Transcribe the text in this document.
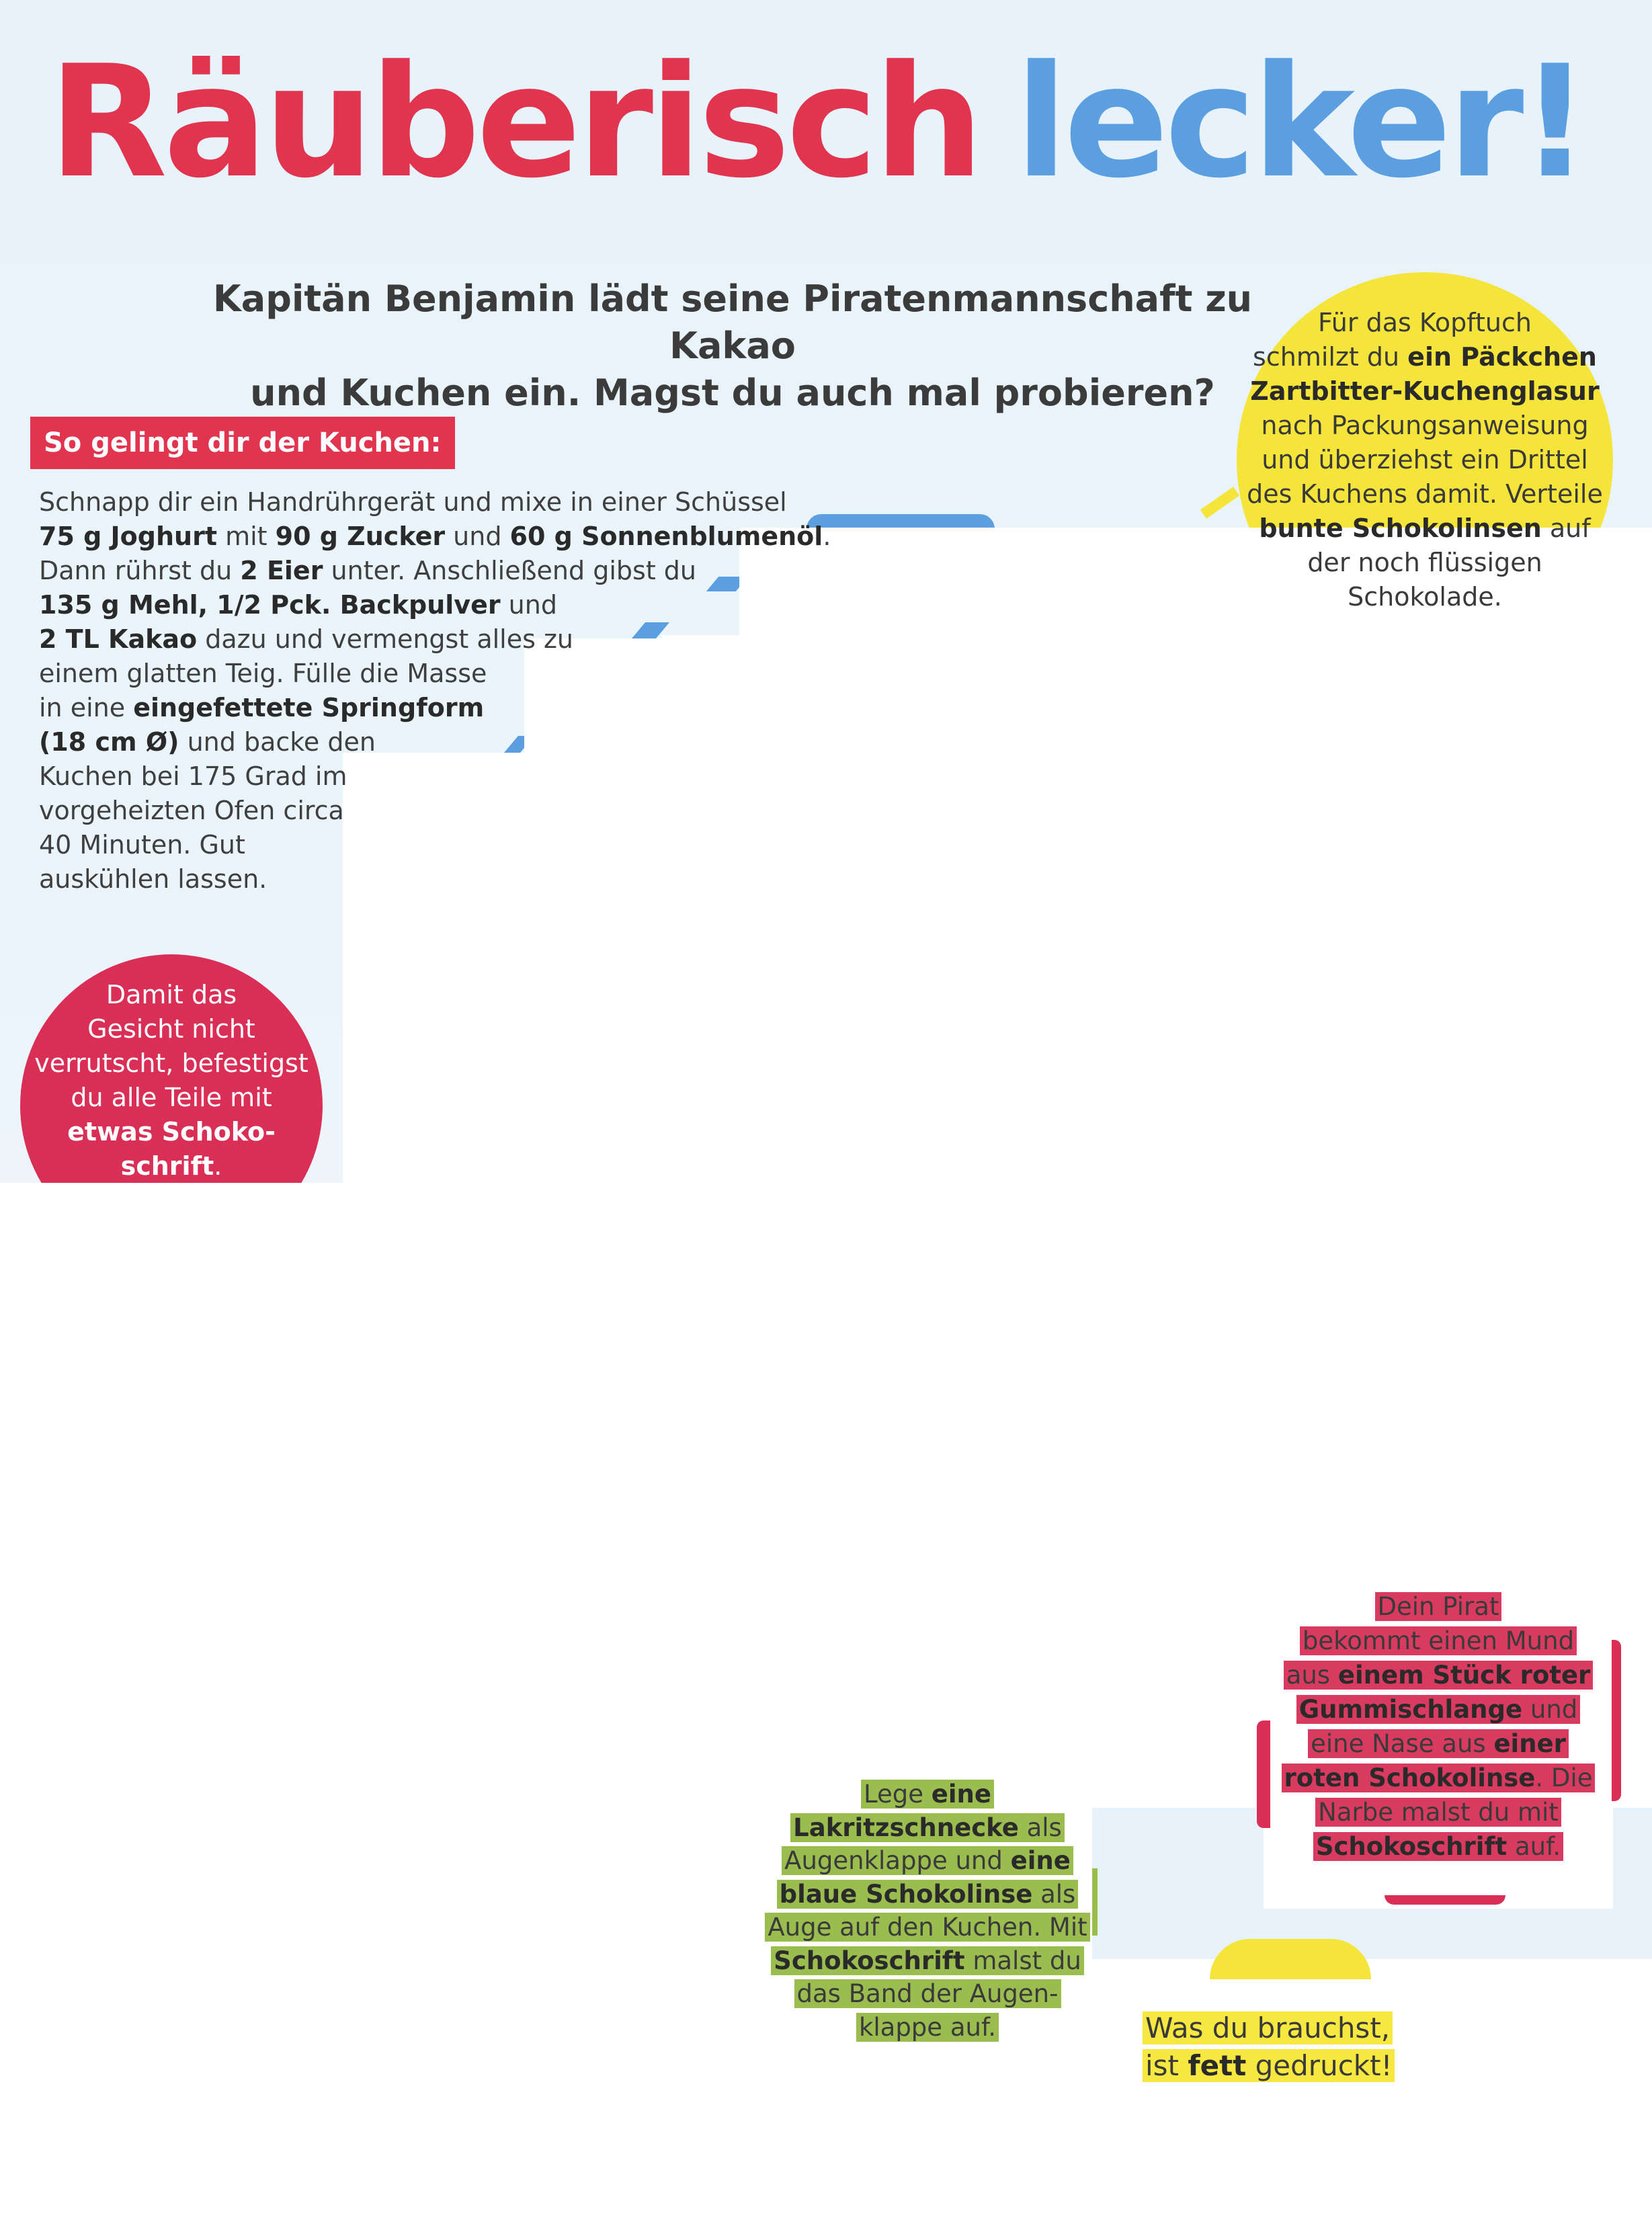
Räuberisch lecker!
Kapitän Benjamin lädt seine Piratenmannschaft zu Kakao
und Kuchen ein. Magst du auch mal probieren?
So gelingt dir der Kuchen:
Schnapp dir ein Handrührgerät und mixe in einer Schüssel
75 g Joghurt mit 90 g Zucker und 60 g Sonnenblumenöl.
Dann rührst du 2 Eier unter. Anschließend gibst du
135 g Mehl, 1/2 Pck. Backpulver und
2 TL Kakao dazu und vermengst alles zu
einem glatten Teig. Fülle die Masse
in eine eingefettete Springform
(18 cm Ø) und backe den
Kuchen bei 175 Grad im
vorgeheizten Ofen circa
40 Minuten. Gut
auskühlen lassen.
Für das Kopftuch
schmilzt du ein Päckchen
Zartbitter-Kuchenglasur
nach Packungsanweisung
und überziehst ein Drittel
des Kuchens damit. Verteile
bunte Schokolinsen auf
der noch flüssigen
Schokolade.
Damit das
Gesicht nicht
verrutscht, befestigst
du alle Teile mit
etwas Schoko-
schrift.
Dein Pirat
bekommt einen Mund
aus einem Stück roter
Gummischlange und
eine Nase aus einer
roten Schokolinse. Die
Narbe malst du mit
Schokoschrift auf.
Lege eine
Lakritzschnecke als
Augenklappe und eine
blaue Schokolinse als
Auge auf den Kuchen. Mit
Schokoschrift malst du
das Band der Augen-
klappe auf.	Was du brauchst,
ist fett gedruckt!
